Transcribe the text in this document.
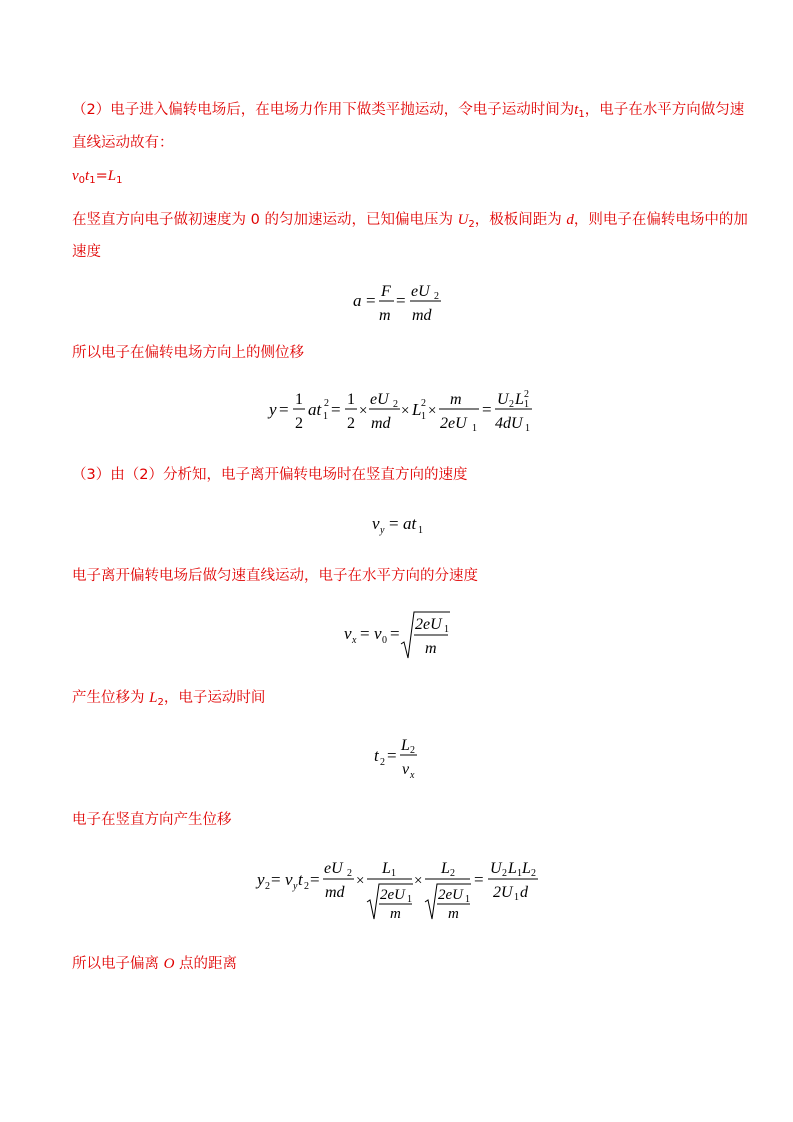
（2）电子进入偏转电场后，在电场力作用下做类平抛运动，令电子运动时间为$t_1$，电子在水平方向做匀速
直线运动故有：
$v_0t_1=L_1$
在竖直方向电子做初速度为 0 的匀加速运动，已知偏电压为 $U_2$，极板间距为 d，则电子在偏转电场中的加
速度
a = F
m
= eU 2
md
所以电子在偏转电场方向上的侧位移
y =
1
2
at 1
2 =
1
2
×
eU 2
md
× L 1
2 ×
m
2eU 1
=
U 2 L 1
2
4dU 1
（3）由（2）分析知，电子离开偏转电场时在竖直方向的速度
v y = at 1
电子离开偏转电场后做匀速直线运动，电子在水平方向的分速度
v x = v 0 = 2eU 1
m
产生位移为 $L_2$，电子运动时间
t 2 =
L 2
v x
电子在竖直方向产生位移
y 2 = v y t 2 =
eU 2
md
×
L 1
2eU 1
m
×
L 2
2eU 1
m
=
U 2 L 1 L 2
2U 1 d
所以电子偏离 O 点的距离
